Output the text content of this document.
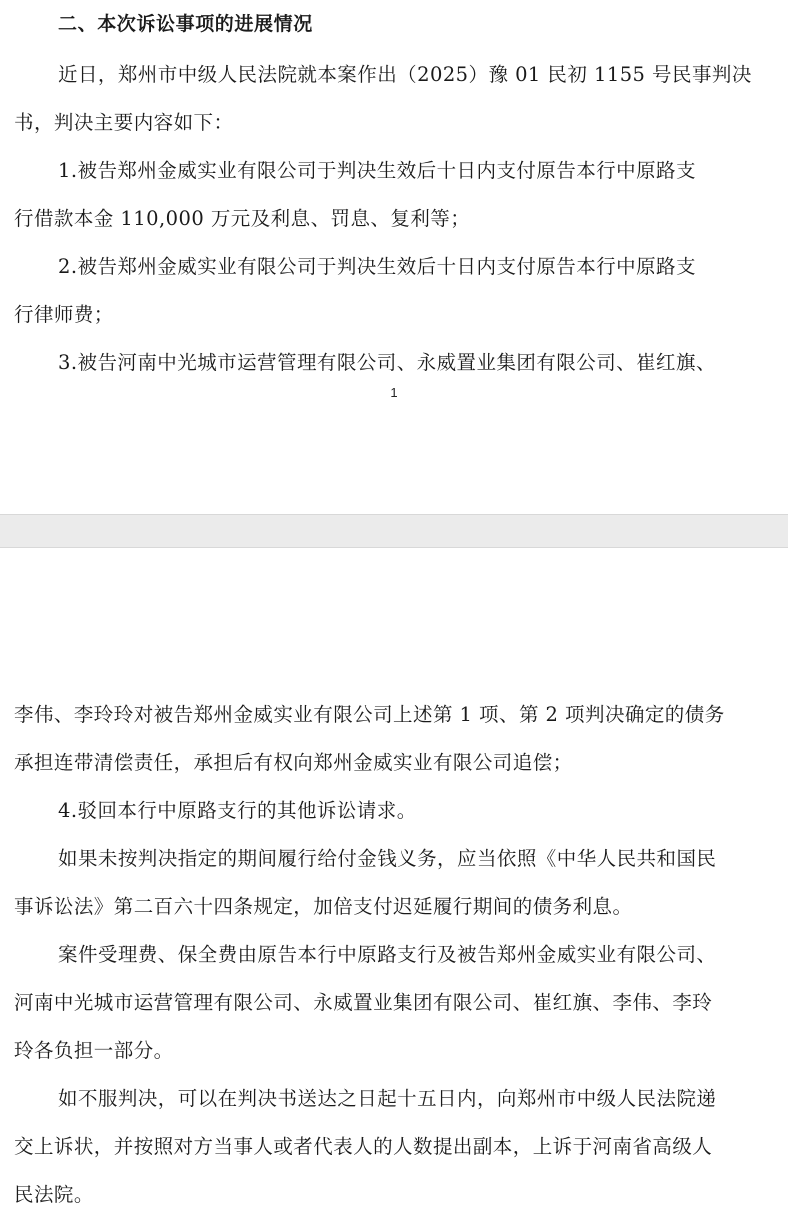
二、本次诉讼事项的进展情况
近日，郑州市中级人民法院就本案作出（2025）豫 01 民初 1155 号民事判决
书，判决主要内容如下：
1.被告郑州金威实业有限公司于判决生效后十日内支付原告本行中原路支
行借款本金 110,000 万元及利息、罚息、复利等；
2.被告郑州金威实业有限公司于判决生效后十日内支付原告本行中原路支
行律师费；
3.被告河南中光城市运营管理有限公司、永威置业集团有限公司、崔红旗、
1
李伟、李玲玲对被告郑州金威实业有限公司上述第 1 项、第 2 项判决确定的债务
承担连带清偿责任，承担后有权向郑州金威实业有限公司追偿；
4.驳回本行中原路支行的其他诉讼请求。
如果未按判决指定的期间履行给付金钱义务，应当依照《中华人民共和国民
事诉讼法》第二百六十四条规定，加倍支付迟延履行期间的债务利息。
案件受理费、保全费由原告本行中原路支行及被告郑州金威实业有限公司、
河南中光城市运营管理有限公司、永威置业集团有限公司、崔红旗、李伟、李玲
玲各负担一部分。
如不服判决，可以在判决书送达之日起十五日内，向郑州市中级人民法院递
交上诉状，并按照对方当事人或者代表人的人数提出副本，上诉于河南省高级人
民法院。
